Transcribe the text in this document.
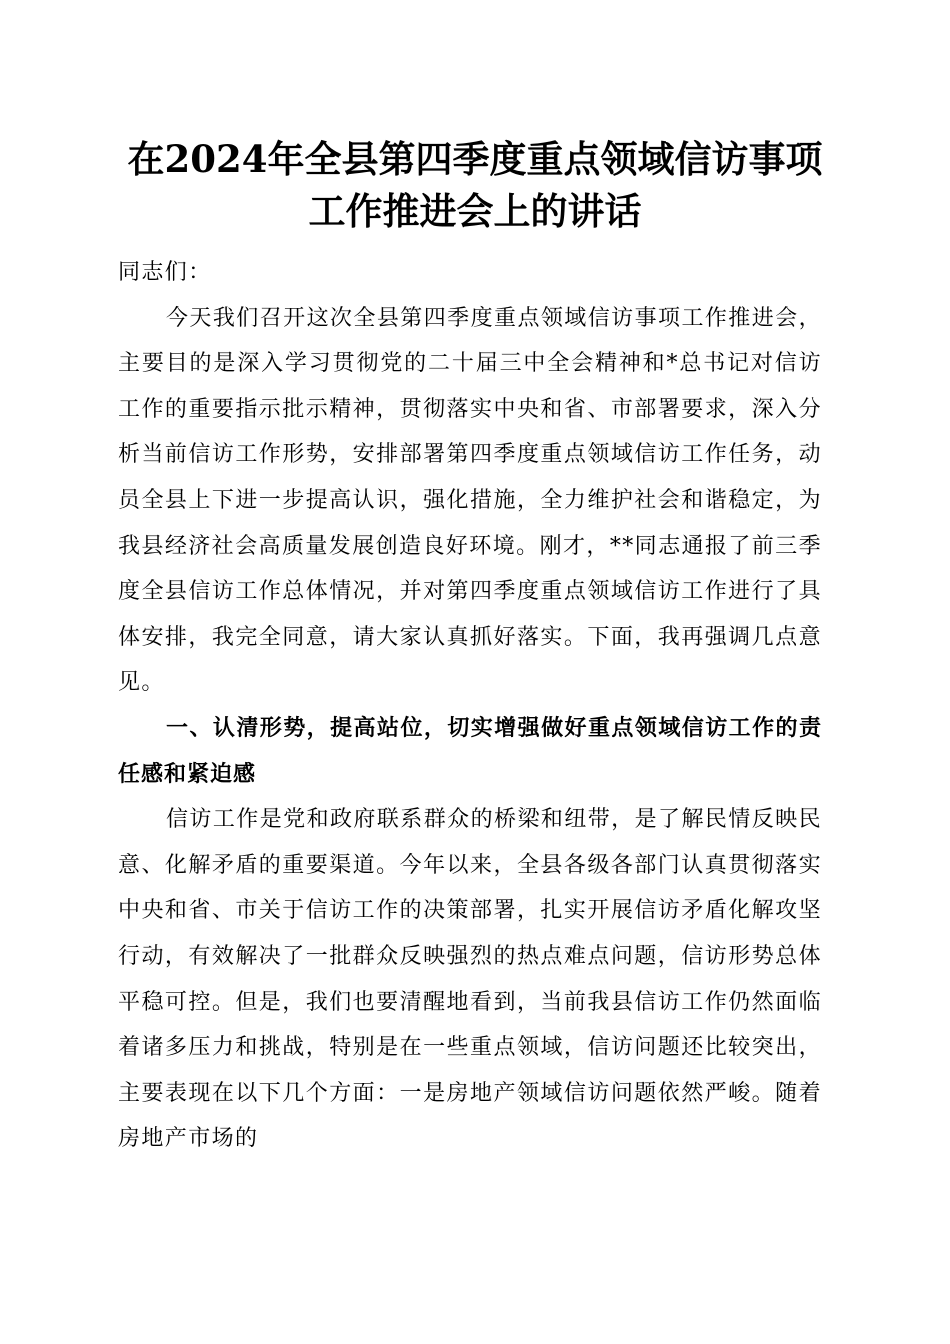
在2024年全县第四季度重点领域信访事项工作推进会上的讲话

同志们：

今天我们召开这次全县第四季度重点领域信访事项工作推进会，主要目的是深入学习贯彻党的二十届三中全会精神和*总书记对信访工作的重要指示批示精神，贯彻落实中央和省、市部署要求，深入分析当前信访工作形势，安排部署第四季度重点领域信访工作任务，动员全县上下进一步提高认识，强化措施，全力维护社会和谐稳定，为我县经济社会高质量发展创造良好环境。刚才，**同志通报了前三季度全县信访工作总体情况，并对第四季度重点领域信访工作进行了具体安排，我完全同意，请大家认真抓好落实。下面，我再强调几点意见。

一、认清形势，提高站位，切实增强做好重点领域信访工作的责任感和紧迫感

信访工作是党和政府联系群众的桥梁和纽带，是了解民情反映民意、化解矛盾的重要渠道。今年以来，全县各级各部门认真贯彻落实中央和省、市关于信访工作的决策部署，扎实开展信访矛盾化解攻坚行动，有效解决了一批群众反映强烈的热点难点问题，信访形势总体平稳可控。但是，我们也要清醒地看到，当前我县信访工作仍然面临着诸多压力和挑战，特别是在一些重点领域，信访问题还比较突出，主要表现在以下几个方面：一是房地产领域信访问题依然严峻。随着房地产市场的
